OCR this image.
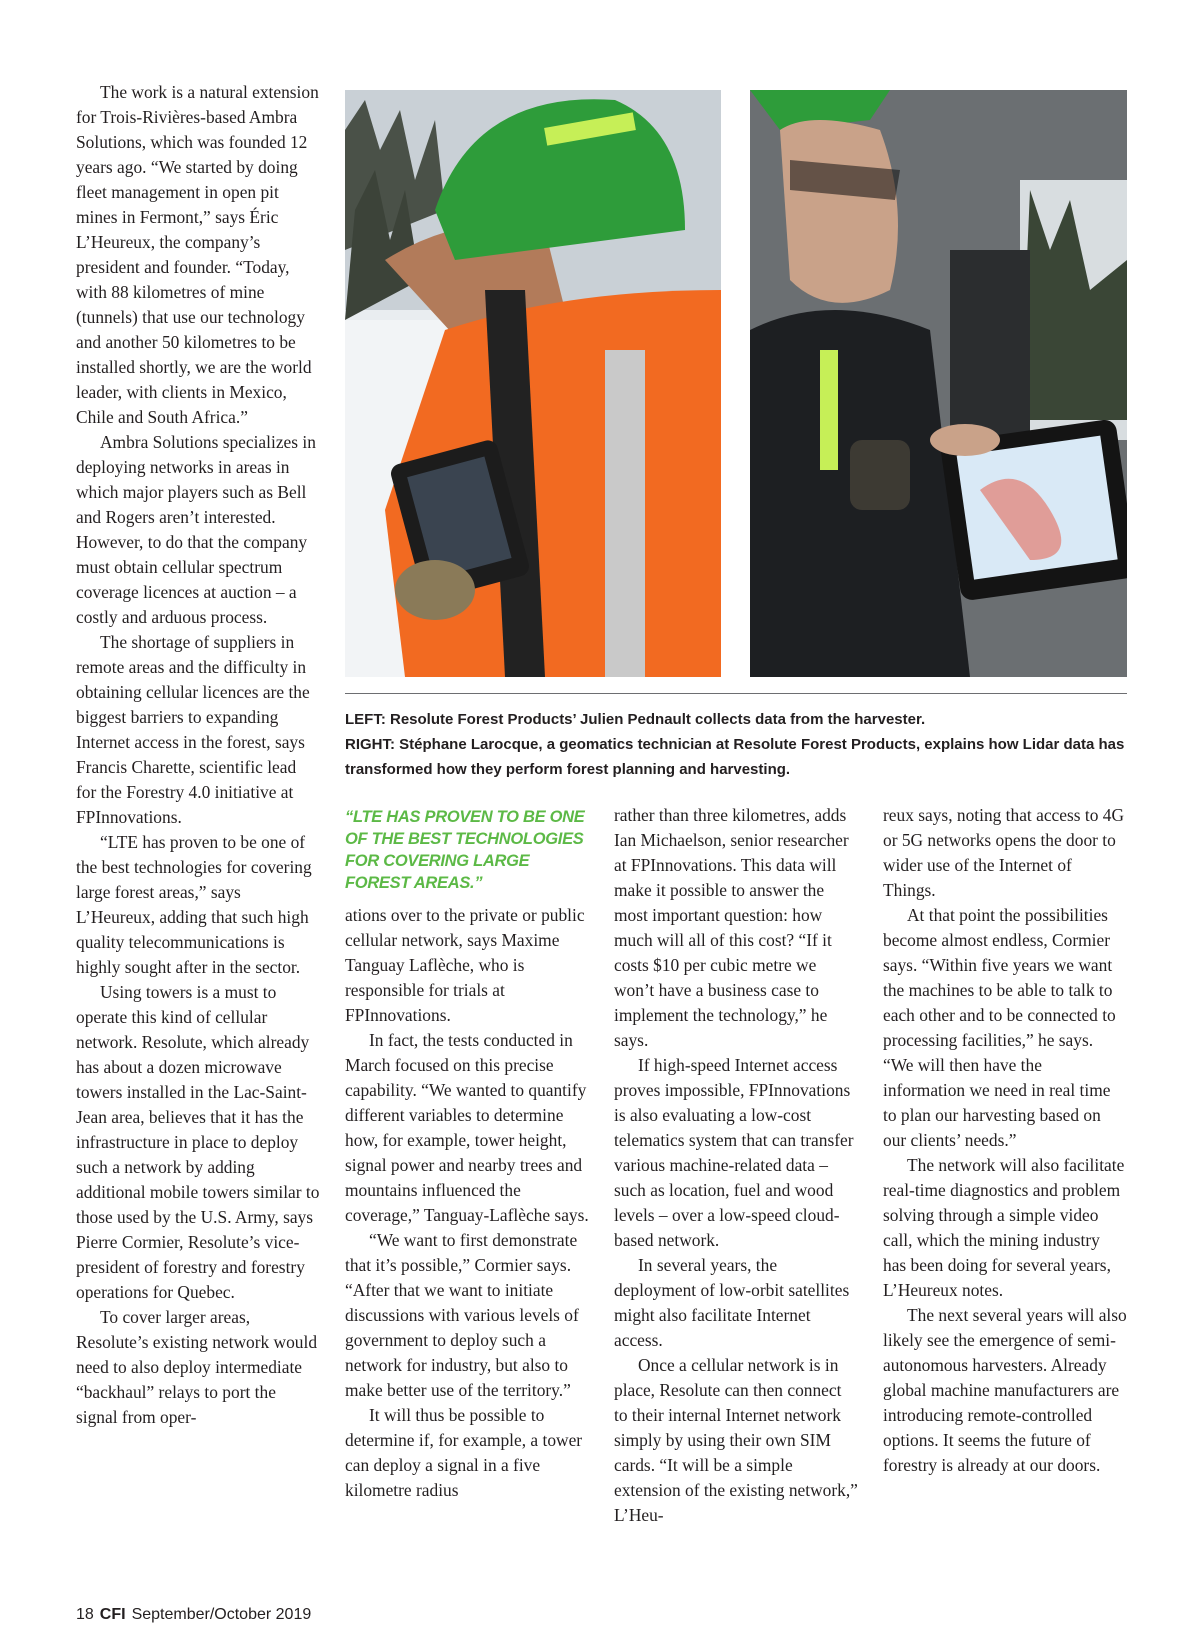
The work is a natural extension for Trois-Rivières-based Ambra Solutions, which was founded 12 years ago. “We started by doing fleet management in open pit mines in Fermont,” says Éric L’Heureux, the company’s president and founder. “Today, with 88 kilometres of mine (tunnels) that use our technology and another 50 kilometres to be installed shortly, we are the world leader, with clients in Mexico, Chile and South Africa.”

Ambra Solutions specializes in deploying networks in areas in which major players such as Bell and Rogers aren’t interested. However, to do that the company must obtain cellular spectrum coverage licences at auction – a costly and arduous process.

The shortage of suppliers in remote areas and the difficulty in obtaining cellular licences are the biggest barriers to expanding Internet access in the forest, says Francis Charette, scientific lead for the Forestry 4.0 initiative at FPInnovations.

“LTE has proven to be one of the best technologies for covering large forest areas,” says L’Heureux, adding that such high quality telecommunications is highly sought after in the sector.

Using towers is a must to operate this kind of cellular network. Resolute, which already has about a dozen microwave towers installed in the Lac-Saint-Jean area, believes that it has the infrastructure in place to deploy such a network by adding additional mobile towers similar to those used by the U.S. Army, says Pierre Cormier, Resolute’s vice-president of forestry and forestry operations for Quebec.

To cover larger areas, Resolute’s existing network would need to also deploy intermediate “backhaul” relays to port the signal from oper-

LEFT: Resolute Forest Products’ Julien Pednault collects data from the harvester.
RIGHT: Stéphane Larocque, a geomatics technician at Resolute Forest Products, explains how Lidar data has transformed how they perform forest planning and harvesting.
“LTE HAS PROVEN TO BE ONE OF THE BEST TECHNOLOGIES FOR COVERING LARGE FOREST AREAS.”

ations over to the private or public cellular network, says Maxime Tanguay Laflèche, who is responsible for trials at FPInnovations.

In fact, the tests conducted in March focused on this precise capability. “We wanted to quantify different variables to determine how, for example, tower height, signal power and nearby trees and mountains influenced the coverage,” Tanguay-Laflèche says.

“We want to first demonstrate that it’s possible,” Cormier says. “After that we want to initiate discussions with various levels of government to deploy such a network for industry, but also to make better use of the territory.”

It will thus be possible to determine if, for example, a tower can deploy a signal in a five kilometre radius

rather than three kilometres, adds Ian Michaelson, senior researcher at FPInnovations. This data will make it possible to answer the most important question: how much will all of this cost? “If it costs $10 per cubic metre we won’t have a business case to implement the technology,” he says.

If high-speed Internet access proves impossible, FPInnovations is also evaluating a low-cost telematics system that can transfer various machine-related data – such as location, fuel and wood levels – over a low-speed cloud-based network.

In several years, the deployment of low-orbit satellites might also facilitate Internet access.

Once a cellular network is in place, Resolute can then connect to their internal Internet network simply by using their own SIM cards. “It will be a simple extension of the existing network,” L’Heu-

reux says, noting that access to 4G or 5G networks opens the door to wider use of the Internet of Things.

At that point the possibilities become almost endless, Cormier says. “Within five years we want the machines to be able to talk to each other and to be connected to processing facilities,” he says. “We will then have the information we need in real time to plan our harvesting based on our clients’ needs.”

The network will also facilitate real-time diagnostics and problem solving through a simple video call, which the mining industry has been doing for several years, L’Heureux notes.

The next several years will also likely see the emergence of semi-autonomous harvesters. Already global machine manufacturers are introducing remote-controlled options. It seems the future of forestry is already at our doors.

18 CFI September/October 2019
